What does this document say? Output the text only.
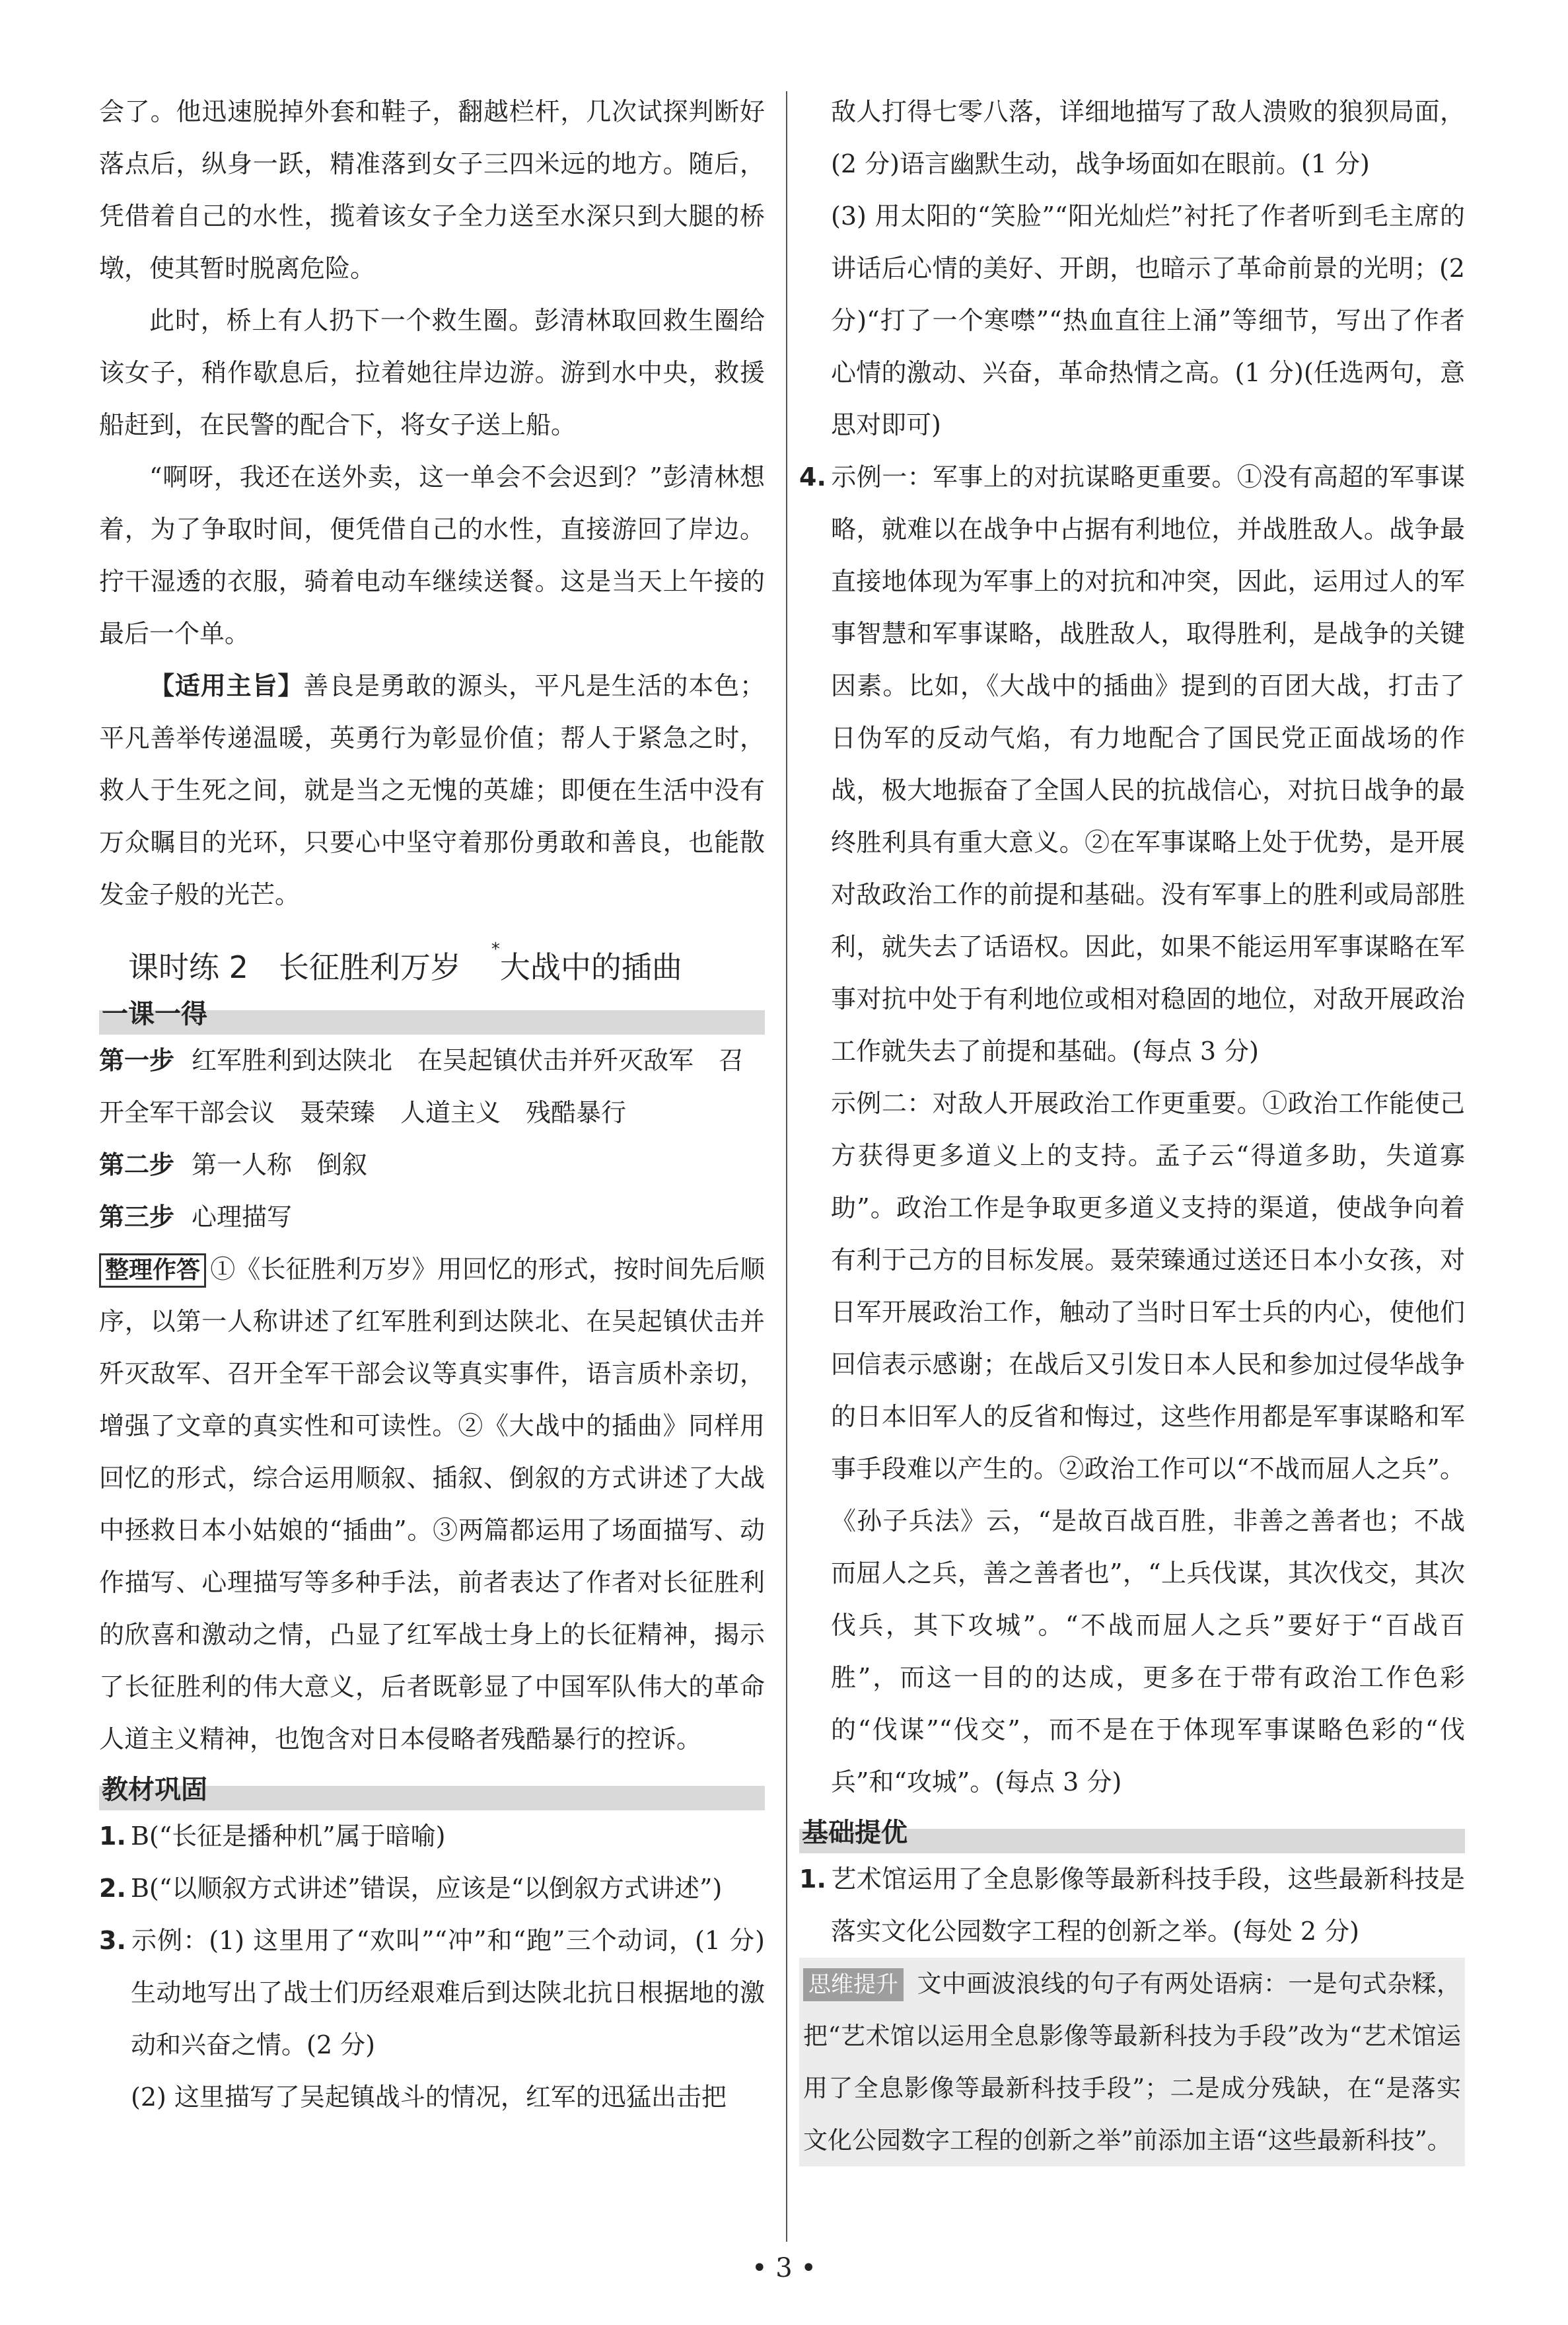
会了。他迅速脱掉外套和鞋子，翻越栏杆，几次试探判断好落点后，纵身一跃，精准落到女子三四米远的地方。随后，凭借着自己的水性，揽着该女子全力送至水深只到大腿的桥墩，使其暂时脱离危险。

此时，桥上有人扔下一个救生圈。彭清林取回救生圈给该女子，稍作歇息后，拉着她往岸边游。游到水中央，救援船赶到，在民警的配合下，将女子送上船。

“啊呀，我还在送外卖，这一单会不会迟到？”彭清林想着，为了争取时间，便凭借自己的水性，直接游回了岸边。拧干湿透的衣服，骑着电动车继续送餐。这是当天上午接的最后一个单。

【适用主旨】善良是勇敢的源头，平凡是生活的本色；平凡善举传递温暖，英勇行为彰显价值；帮人于紧急之时，救人于生死之间，就是当之无愧的英雄；即便在生活中没有万众瞩目的光环，只要心中坚守着那份勇敢和善良，也能散发金子般的光芒。

课时练 2　长征胜利万岁　*大战中的插曲

一课一得

第一步 红军胜利到达陕北　在吴起镇伏击并歼灭敌军　召开全军干部会议　聂荣臻　人道主义　残酷暴行

第二步 第一人称　倒叙

第三步 心理描写

整理作答 ①《长征胜利万岁》用回忆的形式，按时间先后顺序，以第一人称讲述了红军胜利到达陕北、在吴起镇伏击并歼灭敌军、召开全军干部会议等真实事件，语言质朴亲切，增强了文章的真实性和可读性。②《大战中的插曲》同样用回忆的形式，综合运用顺叙、插叙、倒叙的方式讲述了大战中拯救日本小姑娘的“插曲”。③两篇都运用了场面描写、动作描写、心理描写等多种手法，前者表达了作者对长征胜利的欣喜和激动之情，凸显了红军战士身上的长征精神，揭示了长征胜利的伟大意义，后者既彰显了中国军队伟大的革命人道主义精神，也饱含对日本侵略者残酷暴行的控诉。

教材巩固

1. B(“长征是播种机”属于暗喻)

2. B(“以顺叙方式讲述”错误，应该是“以倒叙方式讲述”)

3. 示例：(1) 这里用了“欢叫”“冲”和“跑”三个动词，(1 分)生动地写出了战士们历经艰难后到达陕北抗日根据地的激动和兴奋之情。(2 分)

(2) 这里描写了吴起镇战斗的情况，红军的迅猛出击把

敌人打得七零八落，详细地描写了敌人溃败的狼狈局面，(2 分)语言幽默生动，战争场面如在眼前。(1 分)

(3) 用太阳的“笑脸”“阳光灿烂”衬托了作者听到毛主席的讲话后心情的美好、开朗，也暗示了革命前景的光明；(2 分)“打了一个寒噤”“热血直往上涌”等细节，写出了作者心情的激动、兴奋，革命热情之高。(1 分)(任选两句，意思对即可)

4. 示例一：军事上的对抗谋略更重要。①没有高超的军事谋略，就难以在战争中占据有利地位，并战胜敌人。战争最直接地体现为军事上的对抗和冲突，因此，运用过人的军事智慧和军事谋略，战胜敌人，取得胜利，是战争的关键因素。比如，《大战中的插曲》提到的百团大战，打击了日伪军的反动气焰，有力地配合了国民党正面战场的作战，极大地振奋了全国人民的抗战信心，对抗日战争的最终胜利具有重大意义。②在军事谋略上处于优势，是开展对敌政治工作的前提和基础。没有军事上的胜利或局部胜利，就失去了话语权。因此，如果不能运用军事谋略在军事对抗中处于有利地位或相对稳固的地位，对敌开展政治工作就失去了前提和基础。(每点 3 分)

示例二：对敌人开展政治工作更重要。①政治工作能使己方获得更多道义上的支持。孟子云“得道多助，失道寡助”。政治工作是争取更多道义支持的渠道，使战争向着有利于己方的目标发展。聂荣臻通过送还日本小女孩，对日军开展政治工作，触动了当时日军士兵的内心，使他们回信表示感谢；在战后又引发日本人民和参加过侵华战争的日本旧军人的反省和悔过，这些作用都是军事谋略和军事手段难以产生的。②政治工作可以“不战而屈人之兵”。《孙子兵法》云，“是故百战百胜，非善之善者也；不战而屈人之兵，善之善者也”，“上兵伐谋，其次伐交，其次伐兵，其下攻城”。“不战而屈人之兵”要好于“百战百胜”，而这一目的的达成，更多在于带有政治工作色彩的“伐谋”“伐交”，而不是在于体现军事谋略色彩的“伐兵”和“攻城”。(每点 3 分)

基础提优

1. 艺术馆运用了全息影像等最新科技手段，这些最新科技是落实文化公园数字工程的创新之举。(每处 2 分)

思维提升 文中画波浪线的句子有两处语病：一是句式杂糅，把“艺术馆以运用全息影像等最新科技为手段”改为“艺术馆运用了全息影像等最新科技手段”；二是成分残缺，在“是落实文化公园数字工程的创新之举”前添加主语“这些最新科技”。

• 3 •
